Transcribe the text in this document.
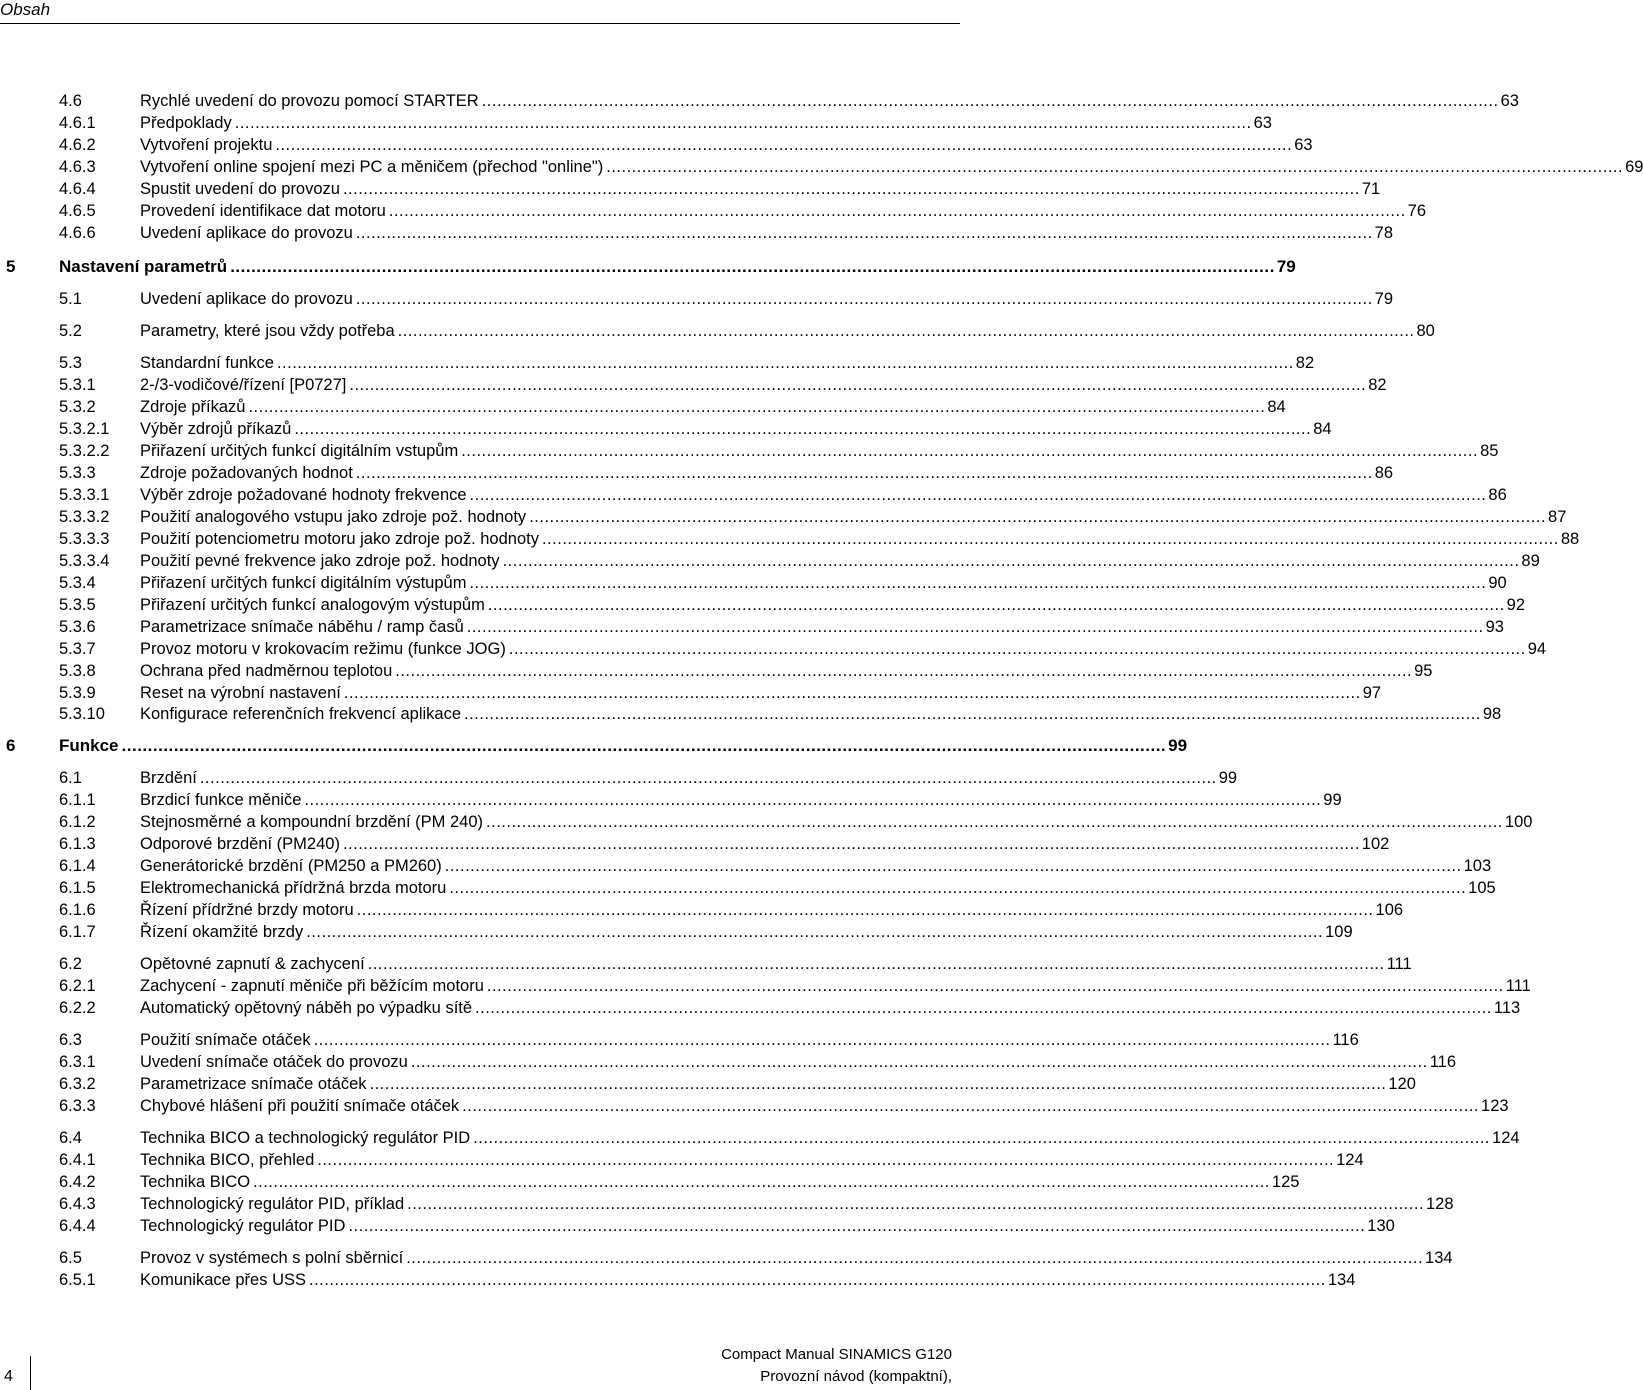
Obsah
4.6	Rychlé uvedení do provozu pomocí STARTER .....	63
4.6.1	Předpoklady .....	63
4.6.2	Vytvoření projektu .....	63
4.6.3	Vytvoření online spojení mezi PC a měničem (přechod "online") .....	69
4.6.4	Spustit uvedení do provozu .....	71
4.6.5	Provedení identifikace dat motoru .....	76
4.6.6	Uvedení aplikace do provozu .....	78
5	Nastavení parametrů .....	79
5.1	Uvedení aplikace do provozu .....	79
5.2	Parametry, které jsou vždy potřeba .....	80
5.3	Standardní funkce .....	82
5.3.1	2-/3-vodičové/řízení [P0727] .....	82
5.3.2	Zdroje příkazů .....	84
5.3.2.1	Výběr zdrojů příkazů .....	84
5.3.2.2	Přiřazení určitých funkcí digitálním vstupům .....	85
5.3.3	Zdroje požadovaných hodnot .....	86
5.3.3.1	Výběr zdroje požadované hodnoty frekvence .....	86
5.3.3.2	Použití analogového vstupu jako zdroje pož. hodnoty .....	87
5.3.3.3	Použití potenciometru motoru jako zdroje pož. hodnoty .....	88
5.3.3.4	Použití pevné frekvence jako zdroje pož. hodnoty .....	89
5.3.4	Přiřazení určitých funkcí digitálním výstupům .....	90
5.3.5	Přiřazení určitých funkcí analogovým výstupům .....	92
5.3.6	Parametrizace snímače náběhu / ramp časů .....	93
5.3.7	Provoz motoru v krokovacím režimu (funkce JOG) .....	94
5.3.8	Ochrana před nadměrnou teplotou .....	95
5.3.9	Reset na výrobní nastavení .....	97
5.3.10	Konfigurace referenčních frekvencí aplikace .....	98
6	Funkce .....	99
6.1	Brzdění .....	99
6.1.1	Brzdicí funkce měniče .....	99
6.1.2	Stejnosměrné a kompoundní brzdění (PM 240) .....	100
6.1.3	Odporové brzdění (PM240) .....	102
6.1.4	Generátorické brzdění (PM250 a PM260) .....	103
6.1.5	Elektromechanická přídržná brzda motoru .....	105
6.1.6	Řízení přídržné brzdy motoru .....	106
6.1.7	Řízení okamžité brzdy .....	109
6.2	Opětovné zapnutí & zachycení .....	111
6.2.1	Zachycení - zapnutí měniče při běžícím motoru .....	111
6.2.2	Automatický opětovný náběh po výpadku sítě .....	113
6.3	Použití snímače otáček .....	116
6.3.1	Uvedení snímače otáček do provozu .....	116
6.3.2	Parametrizace snímače otáček .....	120
6.3.3	Chybové hlášení při použití snímače otáček .....	123
6.4	Technika BICO a technologický regulátor PID .....	124
6.4.1	Technika BICO, přehled .....	124
6.4.2	Technika BICO .....	125
6.4.3	Technologický regulátor PID, příklad .....	128
6.4.4	Technologický regulátor PID .....	130
6.5	Provoz v systémech s polní sběrnicí .....	134
6.5.1	Komunikace přes USS .....	134
4
Compact Manual SINAMICS G120
Provozní návod (kompaktní),
